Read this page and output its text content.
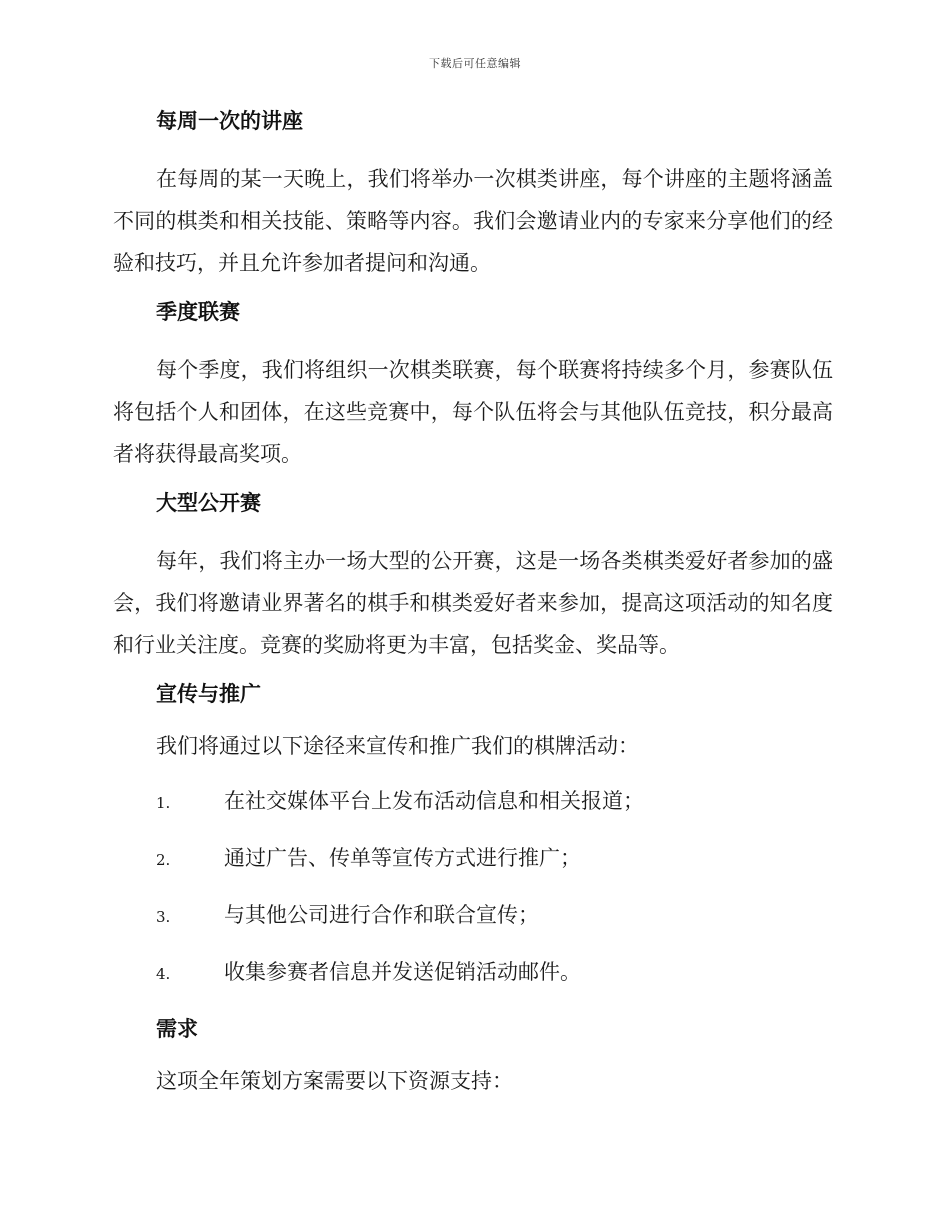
下载后可任意编辑
每周一次的讲座

在每周的某一天晚上，我们将举办一次棋类讲座，每个讲座的主题将涵盖不同的棋类和相关技能、策略等内容。我们会邀请业内的专家来分享他们的经验和技巧，并且允许参加者提问和沟通。

季度联赛

每个季度，我们将组织一次棋类联赛，每个联赛将持续多个月，参赛队伍将包括个人和团体，在这些竞赛中，每个队伍将会与其他队伍竞技，积分最高者将获得最高奖项。

大型公开赛

每年，我们将主办一场大型的公开赛，这是一场各类棋类爱好者参加的盛会，我们将邀请业界著名的棋手和棋类爱好者来参加，提高这项活动的知名度和行业关注度。竞赛的奖励将更为丰富，包括奖金、奖品等。

宣传与推广
我们将通过以下途径来宣传和推广我们的棋牌活动：
1.	在社交媒体平台上发布活动信息和相关报道；
2.	通过广告、传单等宣传方式进行推广；
3.	与其他公司进行合作和联合宣传；
4.	收集参赛者信息并发送促销活动邮件。
需求
这项全年策划方案需要以下资源支持：
